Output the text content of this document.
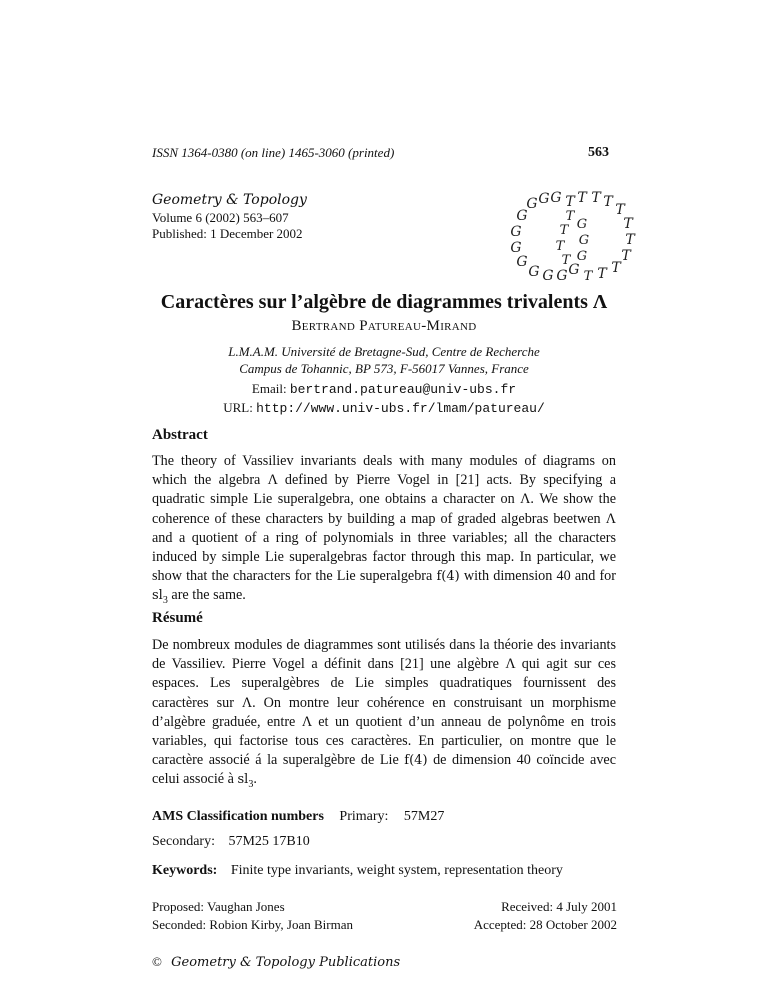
ISSN 1364-0380 (on line) 1465-3060 (printed)	563
Geometry & Topology
Volume 6 (2002) 563–607
Published: 1 December 2002
G G G
G
G
G
G
G G G G
G
G
G
T T T T T
T
T
T
T
T
T
T
T
T
T
Caractères sur l’algèbre de diagrammes trivalents Λ
Bertrand Patureau-Mirand
L.M.A.M. Université de Bretagne-Sud, Centre de Recherche
Campus de Tohannic, BP 573, F-56017 Vannes, France
Email: bertrand.patureau@univ-ubs.fr
URL: http://www.univ-ubs.fr/lmam/patureau/
Abstract
The theory of Vassiliev invariants deals with many modules of diagrams on which the algebra Λ defined by Pierre Vogel in [21] acts. By specifying a quadratic simple Lie superalgebra, one obtains a character on Λ. We show the coherence of these characters by building a map of graded algebras beetwen Λ and a quotient of a ring of polynomials in three variables; all the characters induced by simple Lie superalgebras factor through this map. In particular, we show that the characters for the Lie superalgebra f(4) with dimension 40 and for $sl_3$ are the same.
Résumé
De nombreux modules de diagrammes sont utilisés dans la théorie des invariants de Vassiliev. Pierre Vogel a définit dans [21] une algèbre Λ qui agit sur ces espaces. Les superalgèbres de Lie simples quadratiques fournissent des caractères sur Λ. On montre leur cohérence en construisant un morphisme d’algèbre graduée, entre Λ et un quotient d’un anneau de polynôme en trois variables, qui factorise tous ces caractères. En particulier, on montre que le caractère associé á la superalgèbre de Lie f(4) de dimension 40 coïncide avec celui associé à $sl_3$.
AMS Classification numbers Primary: 57M27
Secondary: 57M25 17B10
Keywords: Finite type invariants, weight system, representation theory
Proposed: Vaughan Jones
Seconded: Robion Kirby, Joan Birman
Received: 4 July 2001
Accepted: 28 October 2002
© Geometry & Topology Publications
